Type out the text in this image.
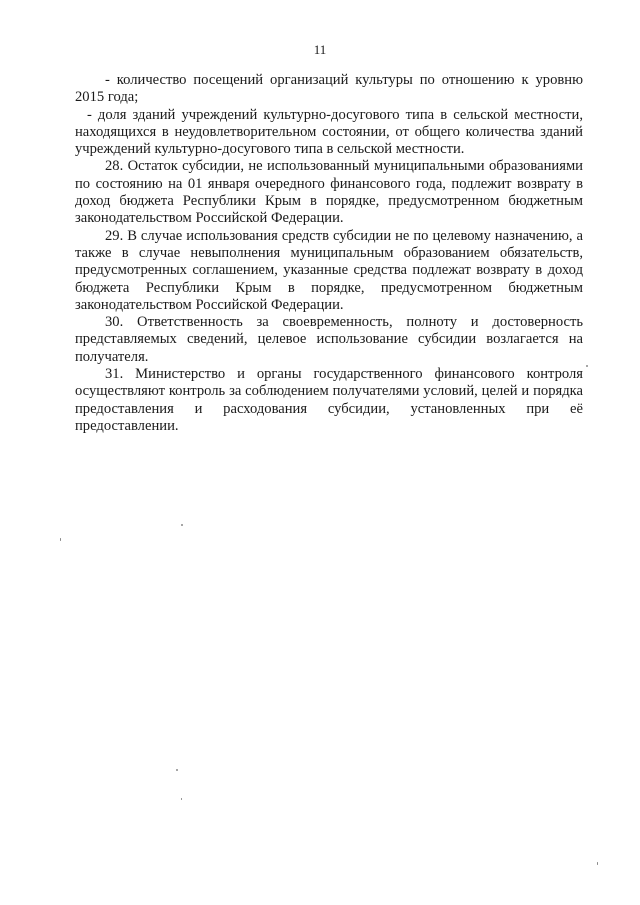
11

- количество посещений организаций культуры по отношению к уровню 2015 года;

- доля зданий учреждений культурно-досугового типа в сельской местности, находящихся в неудовлетворительном состоянии, от общего количества зданий учреждений культурно-досугового типа в сельской местности.

28. Остаток субсидии, не использованный муниципальными образованиями по состоянию на 01 января очередного финансового года, подлежит возврату в доход бюджета Республики Крым в порядке, предусмотренном бюджетным законодательством Российской Федерации.

29. В случае использования средств субсидии не по целевому назначению, а также в случае невыполнения муниципальным образованием обязательств, предусмотренных соглашением, указанные средства подлежат возврату в доход бюджета Республики Крым в порядке, предусмотренном бюджетным законодательством Российской Федерации.

30. Ответственность за своевременность, полноту и достоверность представляемых сведений, целевое использование субсидии возлагается на получателя.

31. Министерство и органы государственного финансового контроля осуществляют контроль за соблюдением получателями условий, целей и порядка предоставления и расходования субсидии, установленных при её предоставлении.
